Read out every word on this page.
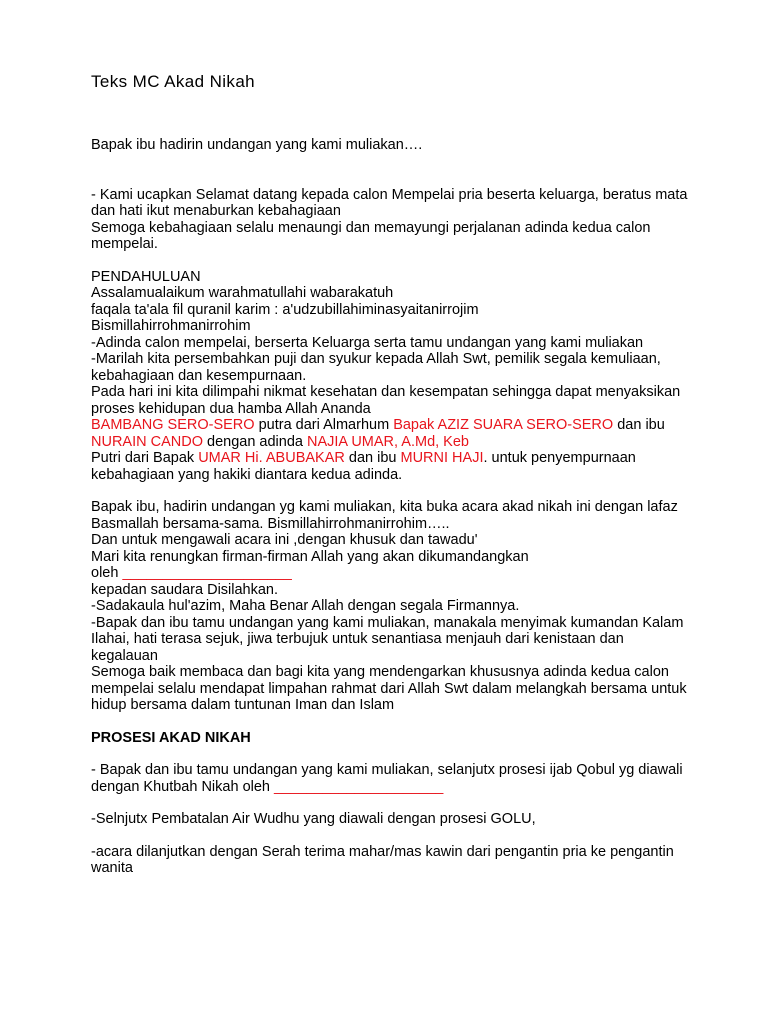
Teks MC Akad Nikah

Bapak ibu hadirin undangan yang kami muliakan….

- Kami ucapkan Selamat datang kepada calon Mempelai pria beserta keluarga, beratus mata dan hati ikut menaburkan kebahagiaan

Semoga kebahagiaan selalu menaungi dan memayungi perjalanan adinda kedua calon mempelai.

PENDAHULUAN

Assalamualaikum warahmatullahi wabarakatuh

faqala ta'ala fil quranil karim : a'udzubillahiminasyaitanirrojim

Bismillahirrohmanirrohim

-Adinda calon mempelai, berserta Keluarga serta tamu undangan yang kami muliakan

-Marilah kita persembahkan puji dan syukur kepada Allah Swt, pemilik segala kemuliaan, kebahagiaan dan kesempurnaan.

Pada hari ini kita dilimpahi nikmat kesehatan dan kesempatan sehingga dapat menyaksikan proses kehidupan dua hamba Allah Ananda
BAMBANG SERO-SERO putra dari Almarhum Bapak AZIZ SUARA SERO-SERO dan ibu NURAIN CANDO dengan adinda NAJIA UMAR, A.Md, Keb
Putri dari Bapak UMAR Hi. ABUBAKAR dan ibu MURNI HAJI. untuk penyempurnaan kebahagiaan yang hakiki diantara kedua adinda.

Bapak ibu, hadirin undangan yg kami muliakan, kita buka acara akad nikah ini dengan lafaz Basmallah bersama-sama. Bismillahirrohmanirrohim…..

Dan untuk mengawali acara ini ,dengan khusuk dan tawadu'

Mari kita renungkan firman-firman Allah yang akan dikumandangkan

oleh _____________________

kepadan saudara Disilahkan.

-Sadakaula hul'azim, Maha Benar Allah dengan segala Firmannya.

-Bapak dan ibu tamu undangan yang kami muliakan, manakala menyimak kumandan Kalam Ilahai, hati terasa sejuk, jiwa terbujuk untuk senantiasa menjauh dari kenistaan dan kegalauan

Semoga baik membaca dan bagi kita yang mendengarkan khususnya adinda kedua calon mempelai selalu mendapat limpahan rahmat dari Allah Swt dalam melangkah bersama untuk hidup bersama dalam tuntunan Iman dan Islam

PROSESI AKAD NIKAH

- Bapak dan ibu tamu undangan yang kami muliakan, selanjutx prosesi ijab Qobul yg diawali dengan Khutbah Nikah oleh _____________________

-Selnjutx Pembatalan Air Wudhu yang diawali dengan prosesi GOLU,

-acara dilanjutkan dengan Serah terima mahar/mas kawin dari pengantin pria ke pengantin wanita
